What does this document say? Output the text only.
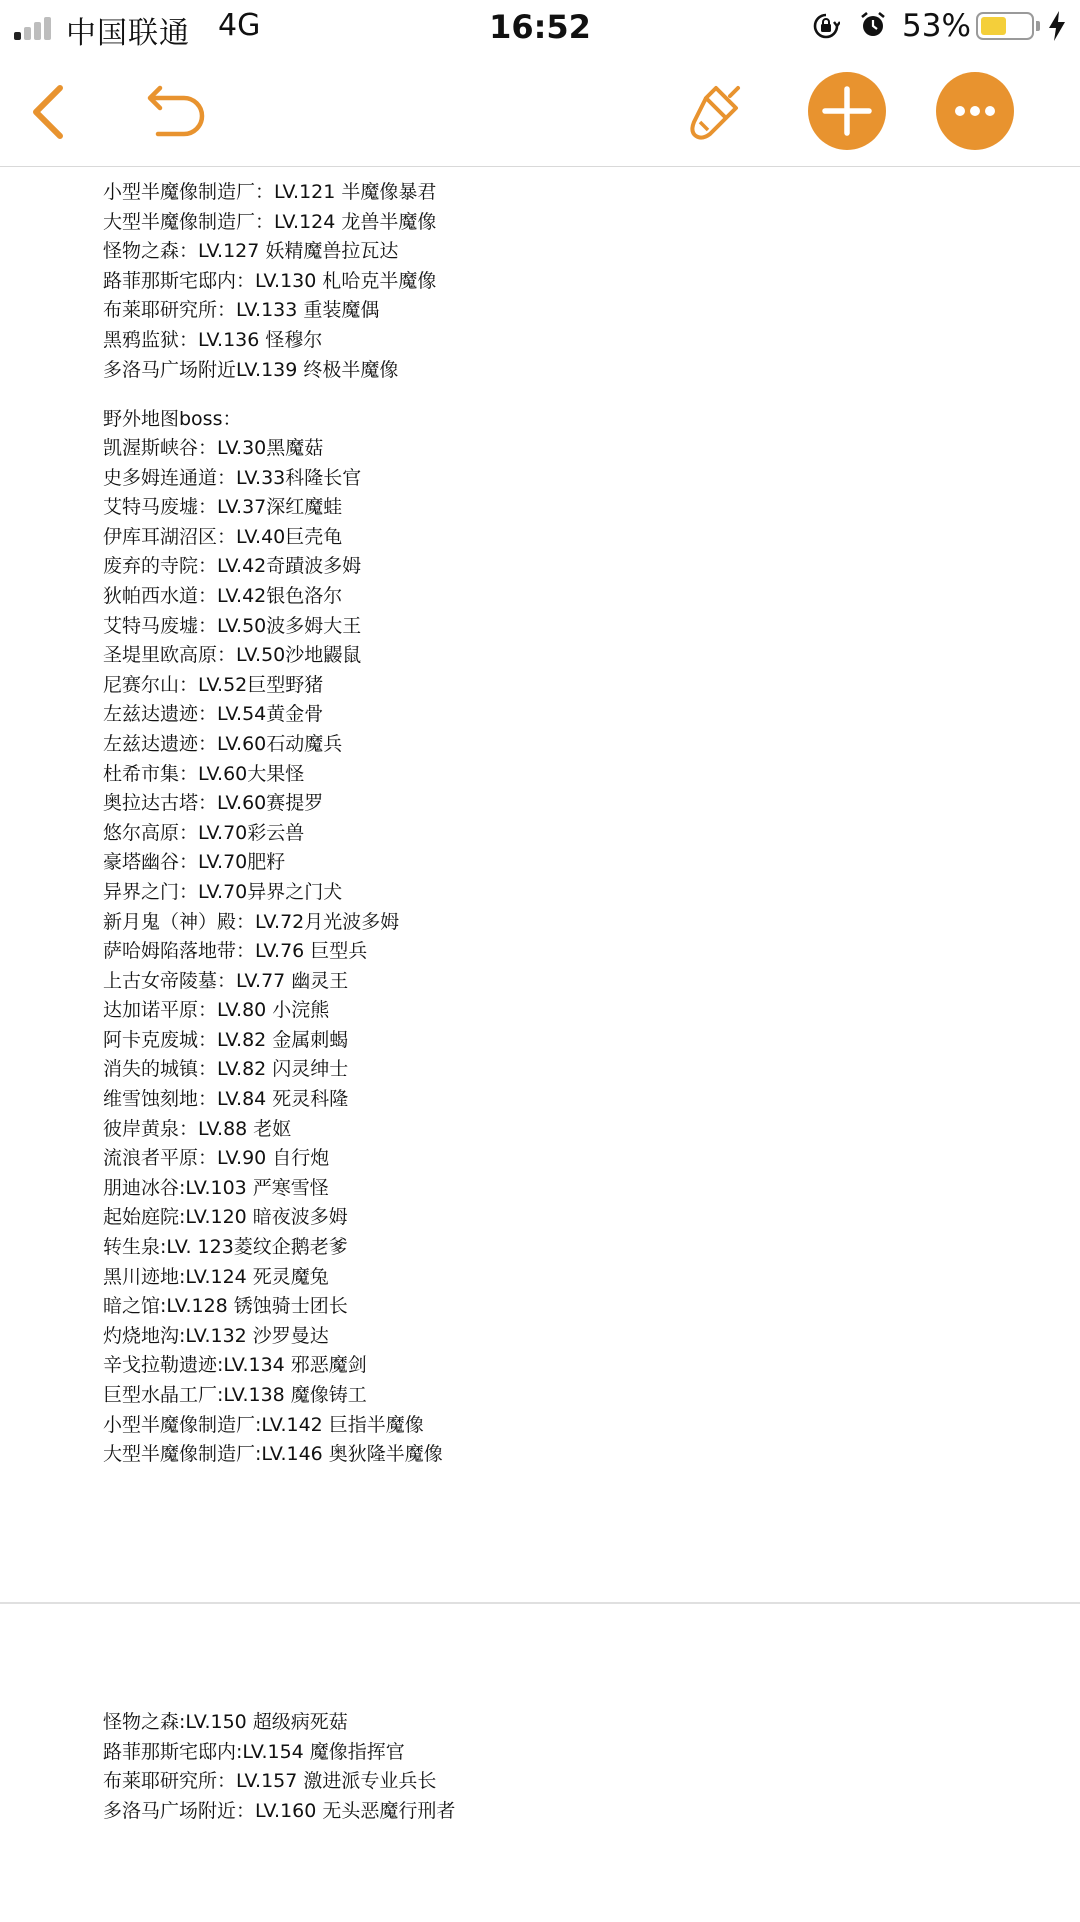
中国联通 4G	16:52	53%
小型半魔像制造厂：LV.121 半魔像暴君
大型半魔像制造厂：LV.124 龙兽半魔像
怪物之森：LV.127 妖精魔兽拉瓦达
路菲那斯宅邸内：LV.130 札哈克半魔像
布莱耶研究所：LV.133 重装魔偶
黑鸦监狱：LV.136 怪穆尔
多洛马广场附近LV.139 终极半魔像
野外地图boss：
凯渥斯峡谷：LV.30黑魔菇
史多姆连通道：LV.33科隆长官
艾特马废墟：LV.37深红魔蛙
伊库耳湖沼区：LV.40巨壳龟
废弃的寺院：LV.42奇蹟波多姆
狄帕西水道：LV.42银色洛尔
艾特马废墟：LV.50波多姆大王
圣堤里欧高原：LV.50沙地鼹鼠
尼赛尔山：LV.52巨型野猪
左兹达遗迹：LV.54黄金骨
左兹达遗迹：LV.60石动魔兵
杜希市集：LV.60大果怪
奥拉达古塔：LV.60赛提罗
悠尔高原：LV.70彩云兽
豪塔幽谷：LV.70肥籽
异界之门：LV.70异界之门犬
新月鬼（神）殿：LV.72月光波多姆
萨哈姆陷落地带：LV.76 巨型兵
上古女帝陵墓：LV.77 幽灵王
达加诺平原：LV.80 小浣熊
阿卡克废城：LV.82 金属刺蝎
消失的城镇：LV.82 闪灵绅士
维雪蚀刻地：LV.84 死灵科隆
彼岸黄泉：LV.88 老妪
流浪者平原：LV.90 自行炮
朋迪冰谷:LV.103 严寒雪怪
起始庭院:LV.120 暗夜波多姆
转生泉:LV. 123菱纹企鹅老爹
黑川迹地:LV.124 死灵魔兔
暗之馆:LV.128 锈蚀骑士团长
灼烧地沟:LV.132 沙罗曼达
辛戈拉勒遗迹:LV.134 邪恶魔剑
巨型水晶工厂:LV.138 魔像铸工
小型半魔像制造厂:LV.142 巨指半魔像
大型半魔像制造厂:LV.146 奥狄隆半魔像
怪物之森:LV.150 超级病死菇
路菲那斯宅邸内:LV.154 魔像指挥官
布莱耶研究所：LV.157 激进派专业兵长
多洛马广场附近：LV.160 无头恶魔行刑者
